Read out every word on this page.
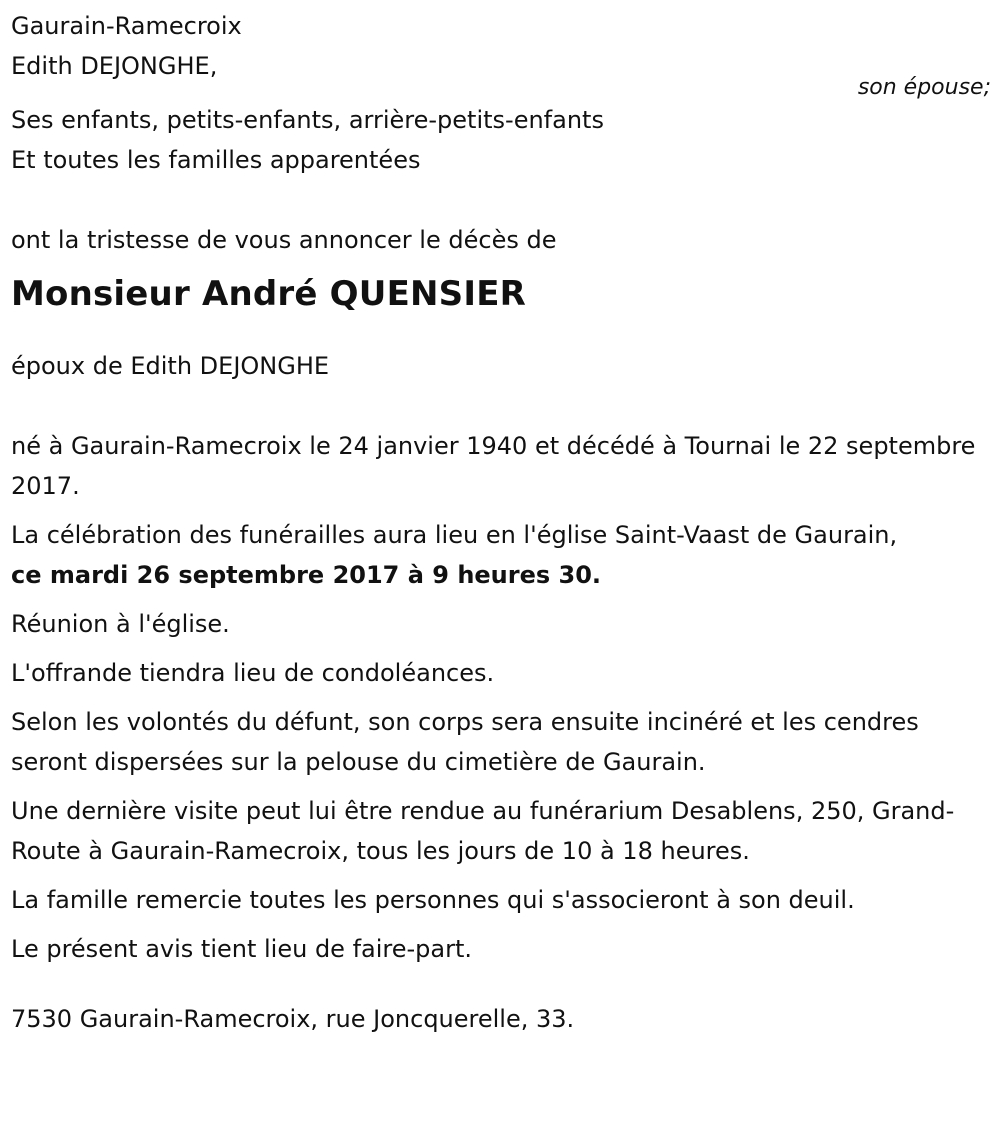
Gaurain-Ramecroix

Edith DEJONGHE,
son épouse;

Ses enfants, petits-enfants, arrière-petits-enfants

Et toutes les familles apparentées

ont la tristesse de vous annoncer le décès de

Monsieur André QUENSIER

époux de Edith DEJONGHE

né à Gaurain-Ramecroix le 24 janvier 1940 et décédé à Tournai le 22 septembre 2017.

La célébration des funérailles aura lieu en l'église Saint-Vaast de Gaurain,
ce mardi 26 septembre 2017 à 9 heures 30.

Réunion à l'église.

L'offrande tiendra lieu de condoléances.

Selon les volontés du défunt, son corps sera ensuite incinéré et les cendres seront dispersées sur la pelouse du cimetière de Gaurain.

Une dernière visite peut lui être rendue au funérarium Desablens, 250, Grand-Route à Gaurain-Ramecroix, tous les jours de 10 à 18 heures.

La famille remercie toutes les personnes qui s'associeront à son deuil.

Le présent avis tient lieu de faire-part.

7530 Gaurain-Ramecroix, rue Joncquerelle, 33.
